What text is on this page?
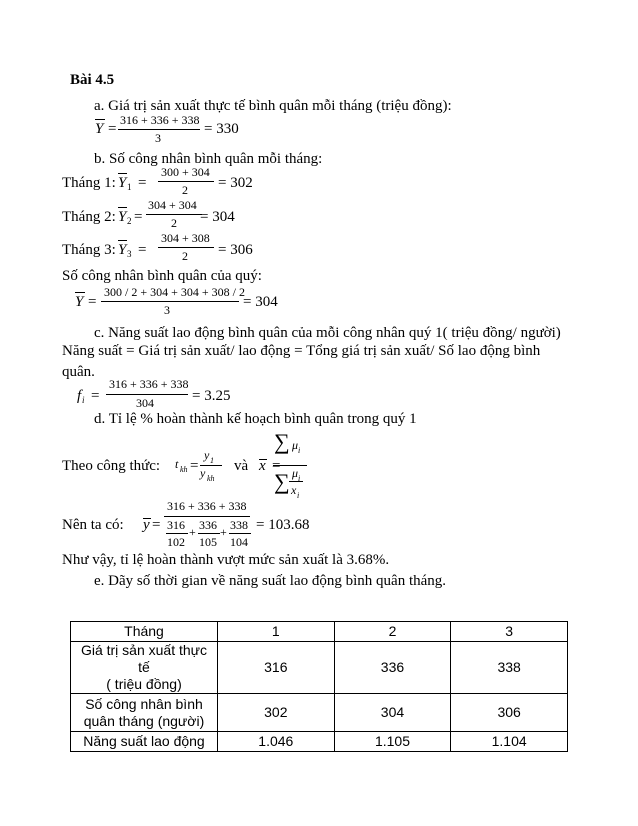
Bài 4.5
a. Giá trị sản xuất thực tế bình quân mỗi tháng (triệu đồng):
Y =
316 + 336 + 338
3
= 330
b. Số công nhân bình quân mỗi tháng:
Tháng 1: Y 1 =
300 + 304
2 = 302
Tháng 2: Y 2 =
304 + 304
2 = 304
Tháng 3: Y 3 =
304 + 308
2 = 306
Số công nhân bình quân của quý:
Y =
300 / 2 + 304 + 304 + 308 / 2
3	= 304
c. Năng suất lao động bình quân của mỗi công nhân quý 1( triệu đồng/ người)
Năng suất = Giá trị sản xuất/ lao động = Tổng giá trị sản xuất/ Số lao động bình
quân.
f i =
316 + 336 + 338
304	= 3.25
d. Tỉ lệ % hoàn thành kế hoạch bình quân trong quý 1
Theo công thức: t kh =
y 1
y kh
và x =
∑ μ i
∑ μ i
x i
Nên ta có: y =
316 + 336 + 338
316
102
+ 336
105
+ 338
104
= 103.68
Như vậy, tỉ lệ hoàn thành vượt mức sản xuất là 3.68%.
e. Dãy số thời gian về năng suất lao động bình quân tháng.
Tháng	1	2	3

Giá trị sản xuất thực tế
( triệu đồng)	316	336	338

Số công nhân bình
quân tháng (người)	302	304	306
Năng suất lao động	1.046	1.105	1.104
